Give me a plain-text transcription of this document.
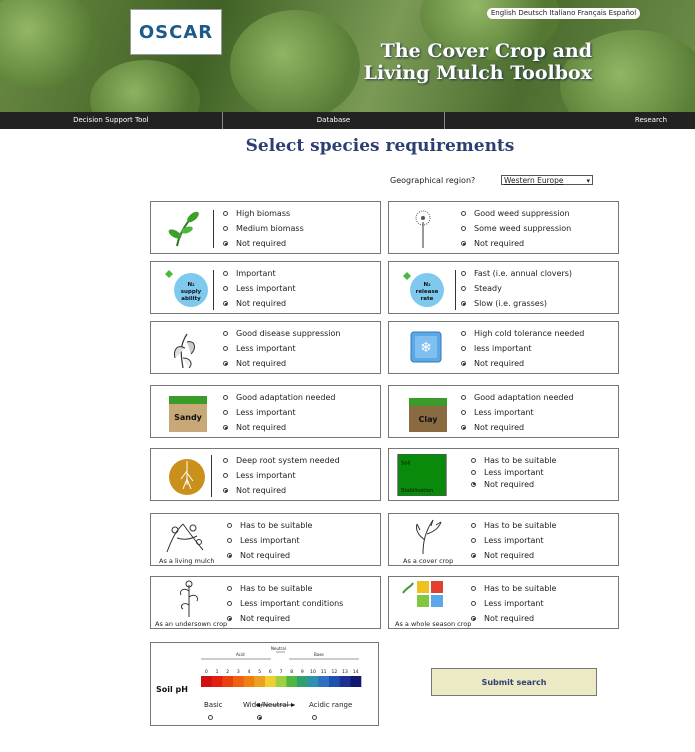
OSCAR
English Deutsch Italiano Français Español
The Cover Crop and
Living Mulch Toolbox
Decision Support Tool	Database	Research
Select species requirements
Geographical region?	Western Europe	▾
High biomass
Medium biomass
Not required
Good weed suppression
Some weed suppression
Not required
N₂
supply
ability
Important
Less important
Not required
N₂
release
rate
Fast (i.e. annual clovers)
Steady
Slow (i.e. grasses)
Good disease suppression
Less important
Not required
❄
High cold tolerance needed
less important
Not required
Sandy
Good adaptation needed
Less important
Not required
Clay
Good adaptation needed
Less important
Not required
Deep root system needed
Less important
Not required
Soil
Stabilisation
Has to be suitable
Less important
Not required
As a living mulch
Has to be suitable
Less important
Not required
As a cover crop
Has to be suitable
Less important
Not required
As an undersown crop
Has to be suitable
Less important conditions
Not required
As a whole season crop
Has to be suitable
Less important
Not required
Soil pH
Acid
Neutral
Base
0 1 2 3 4 5 6 7 8 9 10 11 12 13 14
Basic	Wide/Neutral	Acidic range
Submit search
